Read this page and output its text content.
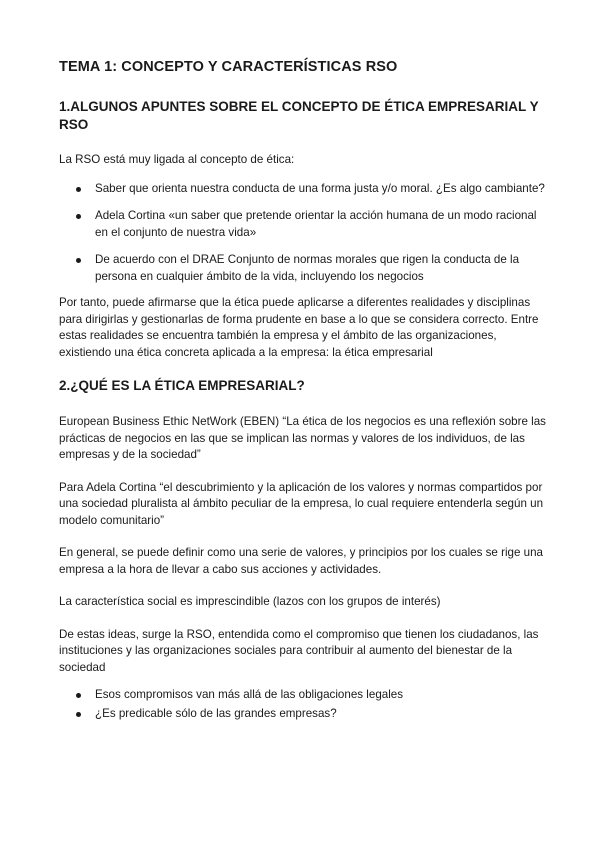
TEMA 1: CONCEPTO Y CARACTERÍSTICAS RSO
1.ALGUNOS APUNTES SOBRE EL CONCEPTO DE ÉTICA EMPRESARIAL Y RSO

La RSO está muy ligada al concepto de ética:

Saber que orienta nuestra conducta de una forma justa y/o moral. ¿Es algo cambiante?
Adela Cortina «un saber que pretende orientar la acción humana de un modo racional en el conjunto de nuestra vida»
De acuerdo con el DRAE Conjunto de normas morales que rigen la conducta de la persona en cualquier ámbito de la vida, incluyendo los negocios

Por tanto, puede afirmarse que la ética puede aplicarse a diferentes realidades y disciplinas para dirigirlas y gestionarlas de forma prudente en base a lo que se considera correcto. Entre estas realidades se encuentra también la empresa y el ámbito de las organizaciones, existiendo una ética concreta aplicada a la empresa: la ética empresarial

2.¿QUÉ ES LA ÉTICA EMPRESARIAL?

European Business Ethic NetWork (EBEN) “La ética de los negocios es una reflexión sobre las prácticas de negocios en las que se implican las normas y valores de los individuos, de las empresas y de la sociedad”

Para Adela Cortina “el descubrimiento y la aplicación de los valores y normas compartidos por una sociedad pluralista al ámbito peculiar de la empresa, lo cual requiere entenderla según un modelo comunitario”

En general, se puede definir como una serie de valores, y principios por los cuales se rige una empresa a la hora de llevar a cabo sus acciones y actividades.

La característica social es imprescindible (lazos con los grupos de interés)

De estas ideas, surge la RSO, entendida como el compromiso que tienen los ciudadanos, las instituciones y las organizaciones sociales para contribuir al aumento del bienestar de la sociedad

Esos compromisos van más allá de las obligaciones legales
¿Es predicable sólo de las grandes empresas?
